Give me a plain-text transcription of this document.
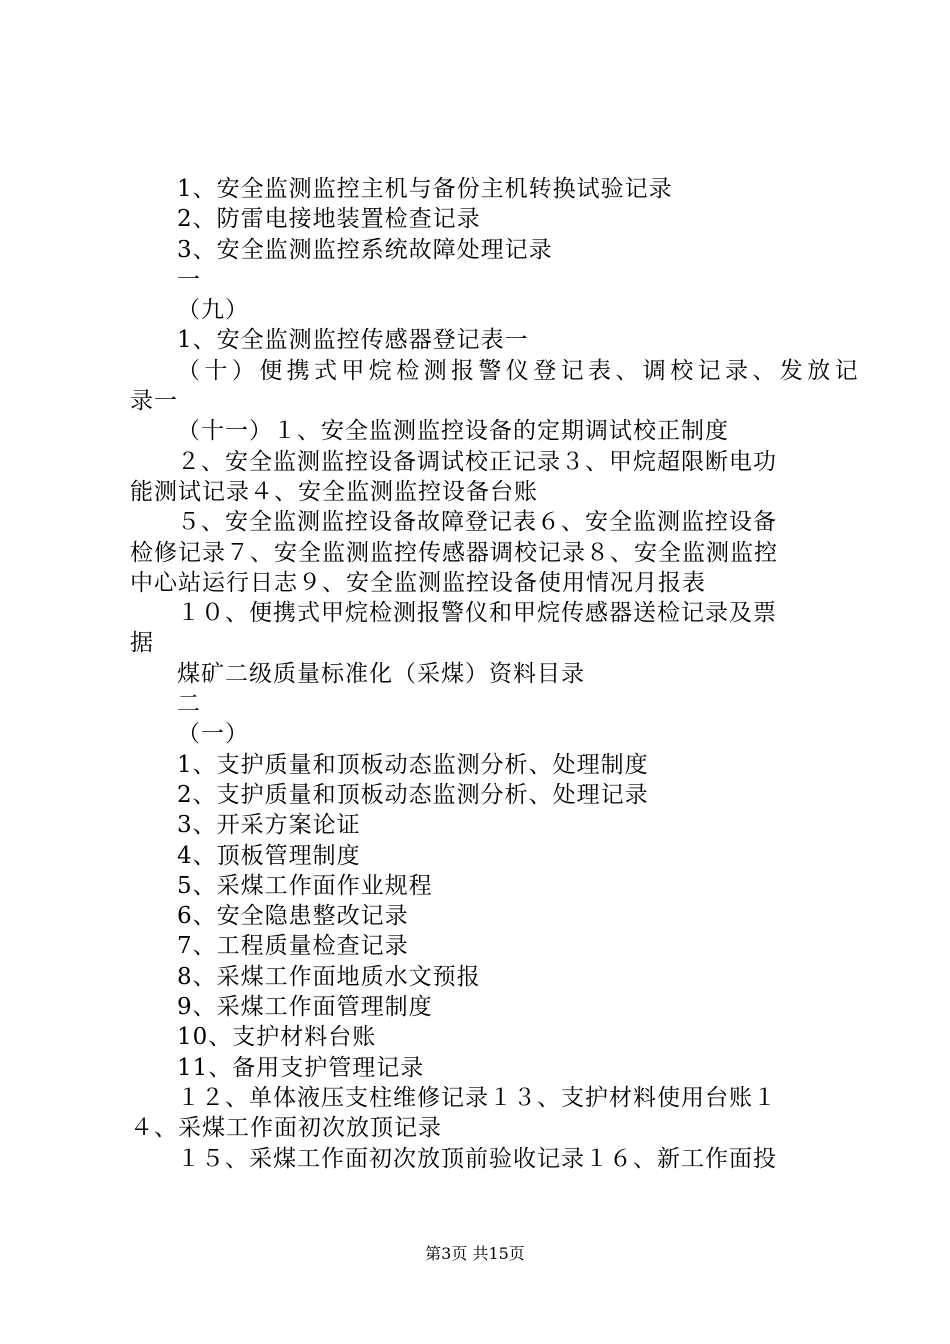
1、安全监测监控主机与备份主机转换试验记录
2、防雷电接地装置检查记录
3、安全监测监控系统故障处理记录
一
（九）
1、安全监测监控传感器登记表一
（十）便携式甲烷检测报警仪登记表、调校记录、发放记
录一
（十一）１、安全监测监控设备的定期调试校正制度
２、安全监测监控设备调试校正记录３、甲烷超限断电功
能测试记录４、安全监测监控设备台账
５、安全监测监控设备故障登记表６、安全监测监控设备
检修记录７、安全监测监控传感器调校记录８、安全监测监控
中心站运行日志９、安全监测监控设备使用情况月报表
１０、便携式甲烷检测报警仪和甲烷传感器送检记录及票
据
煤矿二级质量标准化（采煤）资料目录
二
（一）
1、支护质量和顶板动态监测分析、处理制度
2、支护质量和顶板动态监测分析、处理记录
3、开采方案论证
4、顶板管理制度
5、采煤工作面作业规程
6、安全隐患整改记录
7、工程质量检查记录
8、采煤工作面地质水文预报
9、采煤工作面管理制度
10、支护材料台账
11、备用支护管理记录
１２、单体液压支柱维修记录１３、支护材料使用台账１
４、采煤工作面初次放顶记录
１５、采煤工作面初次放顶前验收记录１６、新工作面投
第3页 共15页
